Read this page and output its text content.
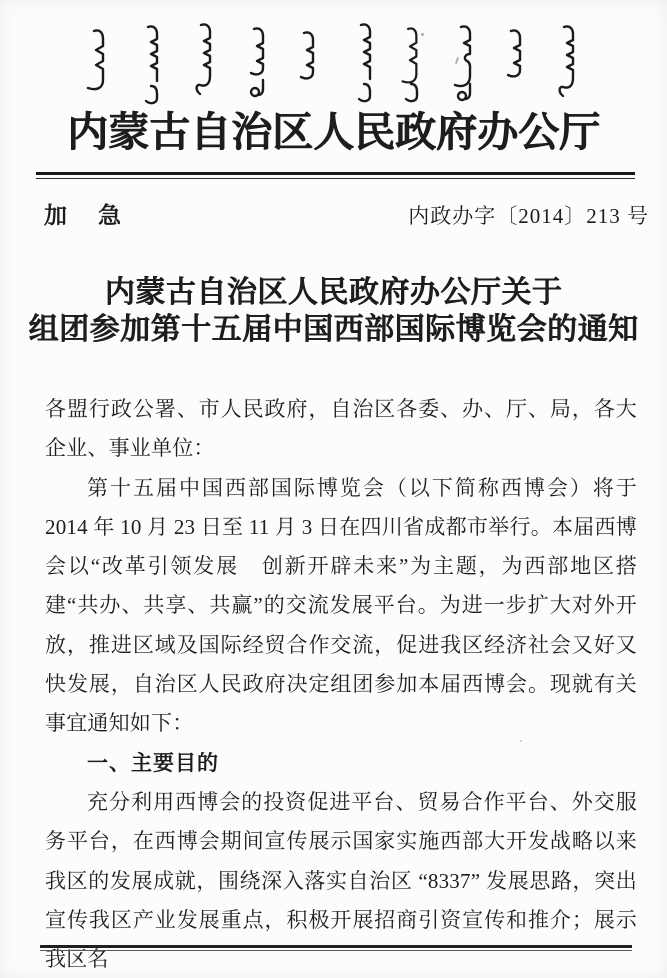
内蒙古自治区人民政府办公厅
加　急	内政办字〔2014〕213 号
内蒙古自治区人民政府办公厅关于
组团参加第十五届中国西部国际博览会的通知
各盟行政公署、市人民政府，自治区各委、办、厅、局，各大企业、事业单位：
第十五届中国西部国际博览会（以下简称西博会）将于 2014 年 10 月 23 日至 11 月 3 日在四川省成都市举行。本届西博会以“改革引领发展　创新开辟未来”为主题，为西部地区搭建“共办、共享、共赢”的交流发展平台。为进一步扩大对外开放，推进区域及国际经贸合作交流，促进我区经济社会又好又快发展，自治区人民政府决定组团参加本届西博会。现就有关事宜通知如下：
一、主要目的
充分利用西博会的投资促进平台、贸易合作平台、外交服务平台，在西博会期间宣传展示国家实施西部大开发战略以来我区的发展成就，围绕深入落实自治区 “8337” 发展思路，突出宣传我区产业发展重点，积极开展招商引资宣传和推介；展示我区名
